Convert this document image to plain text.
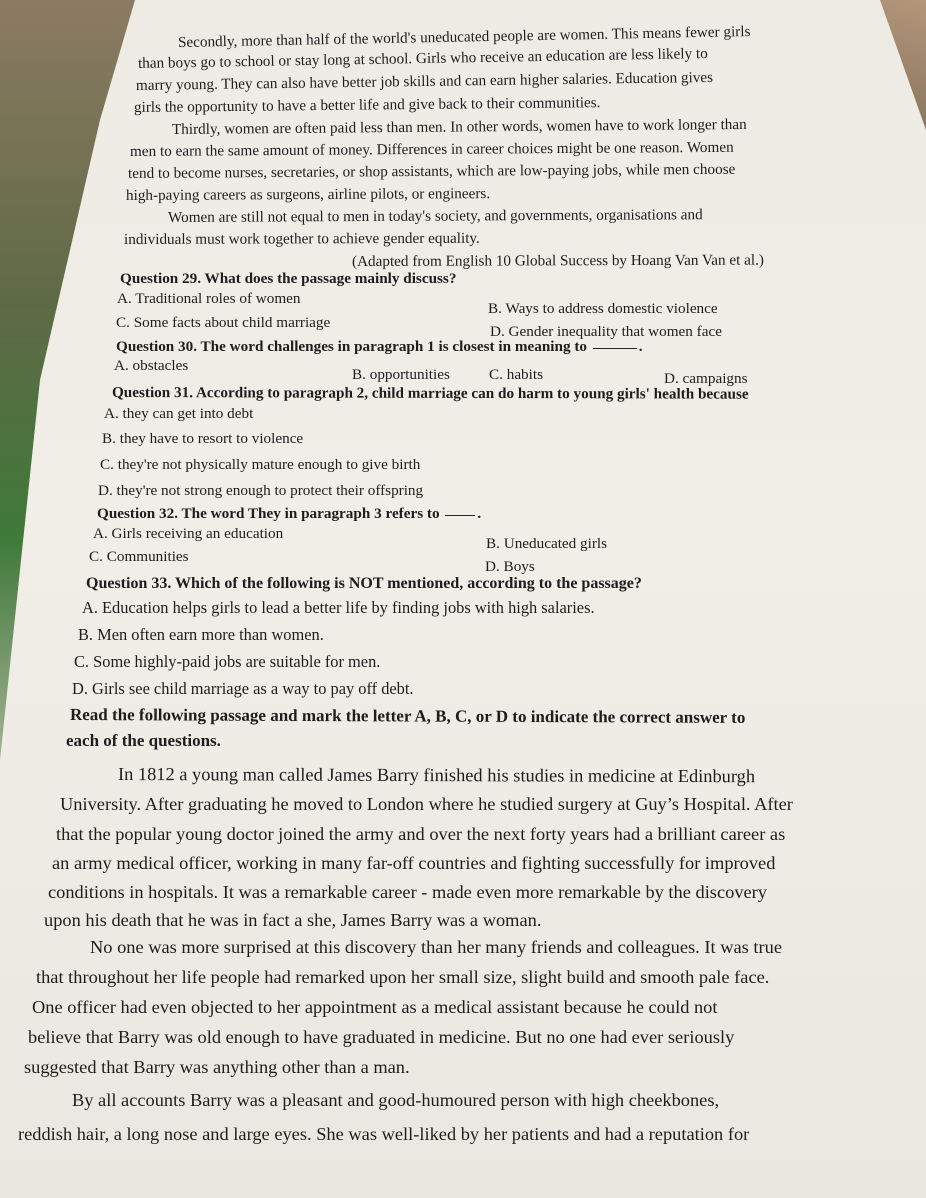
Secondly, more than half of the world's uneducated people are women. This means fewer girls
than boys go to school or stay long at school. Girls who receive an education are less likely to
marry young. They can also have better job skills and can earn higher salaries. Education gives
girls the opportunity to have a better life and give back to their communities.
Thirdly, women are often paid less than men. In other words, women have to work longer than
men to earn the same amount of money. Differences in career choices might be one reason. Women
tend to become nurses, secretaries, or shop assistants, which are low-paying jobs, while men choose
high-paying careers as surgeons, airline pilots, or engineers.
Women are still not equal to men in today's society, and governments, organisations and
individuals must work together to achieve gender equality.
(Adapted from English 10 Global Success by Hoang Van Van et al.)
Question 29. What does the passage mainly discuss?
A. Traditional roles of women
B. Ways to address domestic violence
C. Some facts about child marriage
D. Gender inequality that women face
Question 30. The word challenges in paragraph 1 is closest in meaning to	.
A. obstacles
B. opportunities	C. habits	D. campaigns
Question 31. According to paragraph 2, child marriage can do harm to young girls' health because
A. they can get into debt
B. they have to resort to violence
C. they're not physically mature enough to give birth
D. they're not strong enough to protect their offspring
Question 32. The word They in paragraph 3 refers to .
A. Girls receiving an education
B. Uneducated girls
C. Communities
D. Boys
Question 33. Which of the following is NOT mentioned, according to the passage?
A. Education helps girls to lead a better life by finding jobs with high salaries.
B. Men often earn more than women.
C. Some highly-paid jobs are suitable for men.
D. Girls see child marriage as a way to pay off debt.
Read the following passage and mark the letter A, B, C, or D to indicate the correct answer to
each of the questions.
In 1812 a young man called James Barry finished his studies in medicine at Edinburgh
University. After graduating he moved to London where he studied surgery at Guy’s Hospital. After
that the popular young doctor joined the army and over the next forty years had a brilliant career as
an army medical officer, working in many far-off countries and fighting successfully for improved
conditions in hospitals. It was a remarkable career - made even more remarkable by the discovery
upon his death that he was in fact a she, James Barry was a woman.
No one was more surprised at this discovery than her many friends and colleagues. It was true
that throughout her life people had remarked upon her small size, slight build and smooth pale face.
One officer had even objected to her appointment as a medical assistant because he could not
believe that Barry was old enough to have graduated in medicine. But no one had ever seriously
suggested that Barry was anything other than a man.
By all accounts Barry was a pleasant and good-humoured person with high cheekbones,
reddish hair, a long nose and large eyes. She was well-liked by her patients and had a reputation for
